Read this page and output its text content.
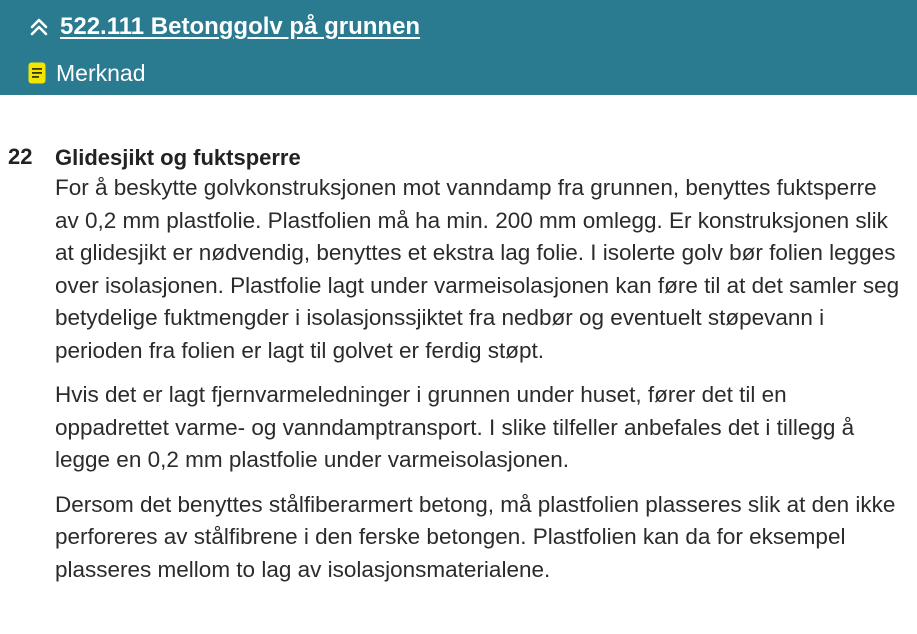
522.111 Betonggolv på grunnen
Merknad
22 Glidesjikt og fuktsperre

For å beskytte golvkonstruksjonen mot vanndamp fra grunnen, benyttes fuktsperre av 0,2 mm plastfolie. Plastfolien må ha min. 200 mm omlegg. Er konstruksjonen slik at glidesjikt er nødvendig, benyttes et ekstra lag folie. I isolerte golv bør folien legges over isolasjonen. Plastfolie lagt under varmeisolasjonen kan føre til at det samler seg betydelige fuktmengder i isolasjonssjiktet fra nedbør og eventuelt støpevann i perioden fra folien er lagt til golvet er ferdig støpt.

Hvis det er lagt fjernvarmeledninger i grunnen under huset, fører det til en oppadrettet varme- og vanndamptransport. I slike tilfeller anbefales det i tillegg å legge en 0,2 mm plastfolie under varmeisolasjonen.

Dersom det benyttes stålfiberarmert betong, må plastfolien plasseres slik at den ikke perforeres av stålfibrene i den ferske betongen. Plastfolien kan da for eksempel plasseres mellom to lag av isolasjonsmaterialene.
